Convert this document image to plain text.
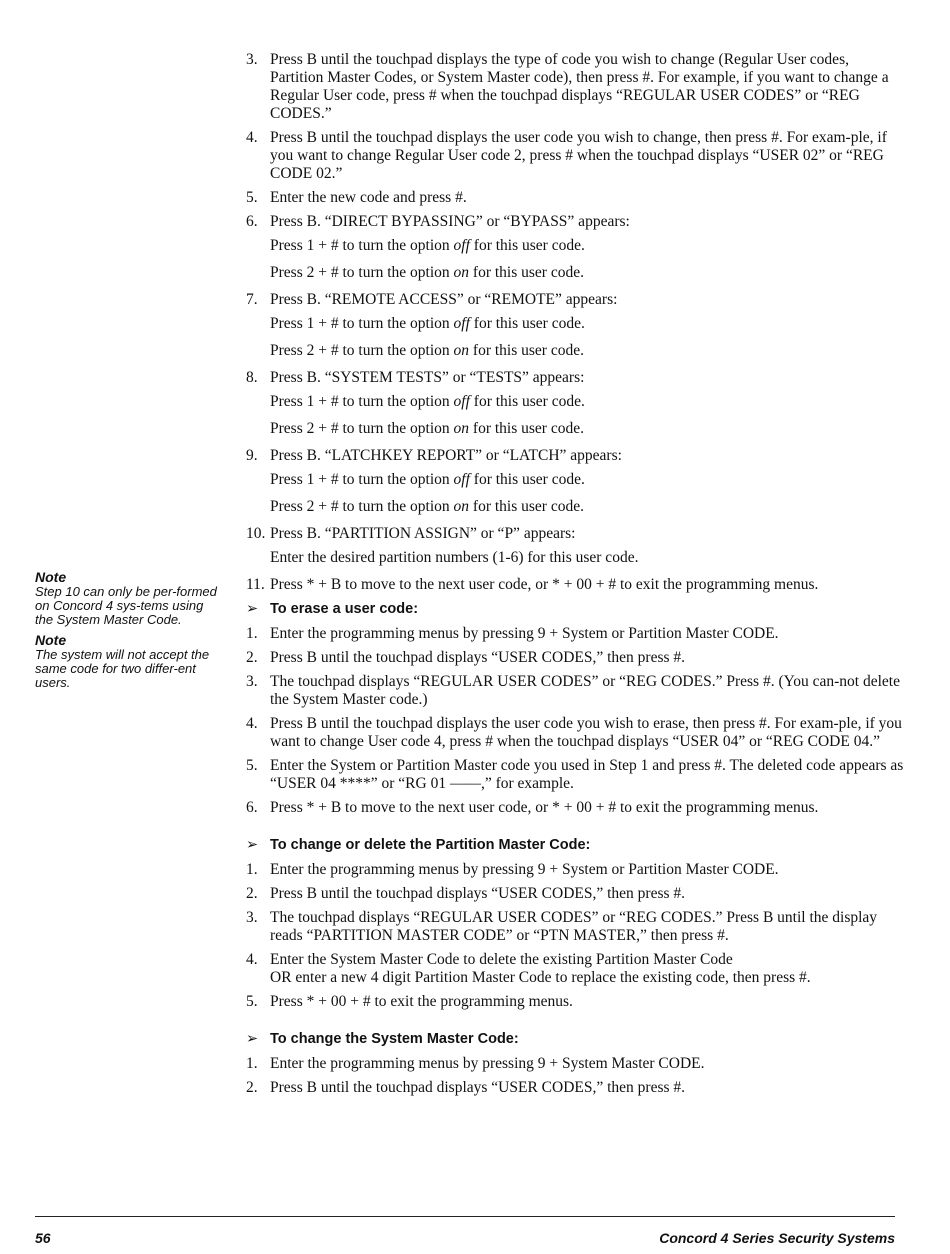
Note
Step 10 can only be per-formed on Concord 4 sys-tems using the System Master Code.
Note
The system will not accept the same code for two differ-ent users.
3. Press B until the touchpad displays the type of code you wish to change (Regular User codes, Partition Master Codes, or System Master code), then press #. For example, if you want to change a Regular User code, press # when the touchpad displays “REGULAR USER CODES” or “REG CODES.”
4. Press B until the touchpad displays the user code you wish to change, then press #. For exam-ple, if you want to change Regular User code 2, press # when the touchpad displays “USER 02” or “REG CODE 02.”
5. Enter the new code and press #.
6. Press B. “DIRECT BYPASSING” or “BYPASS” appears:
Press 1 + # to turn the option off for this user code.
Press 2 + # to turn the option on for this user code.
7. Press B. “REMOTE ACCESS” or “REMOTE” appears:
Press 1 + # to turn the option off for this user code.
Press 2 + # to turn the option on for this user code.
8. Press B. “SYSTEM TESTS” or “TESTS” appears:
Press 1 + # to turn the option off for this user code.
Press 2 + # to turn the option on for this user code.
9. Press B. “LATCHKEY REPORT” or “LATCH” appears:
Press 1 + # to turn the option off for this user code.
Press 2 + # to turn the option on for this user code.
10. Press B. “PARTITION ASSIGN” or “P” appears:
Enter the desired partition numbers (1-6) for this user code.
11. Press * + B to move to the next user code, or * + 00 + # to exit the programming menus.
➢ To erase a user code:
1. Enter the programming menus by pressing 9 + System or Partition Master CODE.
2. Press B until the touchpad displays “USER CODES,” then press #.
3. The touchpad displays “REGULAR USER CODES” or “REG CODES.” Press #. (You can-not delete the System Master code.)
4. Press B until the touchpad displays the user code you wish to erase, then press #. For exam-ple, if you want to change User code 4, press # when the touchpad displays “USER 04” or “REG CODE 04.”
5. Enter the System or Partition Master code you used in Step 1 and press #. The deleted code appears as “USER 04 ****” or “RG 01 ——,” for example.
6. Press * + B to move to the next user code, or * + 00 + # to exit the programming menus.
➢ To change or delete the Partition Master Code:
1. Enter the programming menus by pressing 9 + System or Partition Master CODE.
2. Press B until the touchpad displays “USER CODES,” then press #.
3. The touchpad displays “REGULAR USER CODES” or “REG CODES.” Press B until the display reads “PARTITION MASTER CODE” or “PTN MASTER,” then press #.
4. Enter the System Master Code to delete the existing Partition Master Code
OR enter a new 4 digit Partition Master Code to replace the existing code, then press #.
5. Press * + 00 + # to exit the programming menus.
➢ To change the System Master Code:
1. Enter the programming menus by pressing 9 + System Master CODE.
2. Press B until the touchpad displays “USER CODES,” then press #.
56	Concord 4 Series Security Systems
